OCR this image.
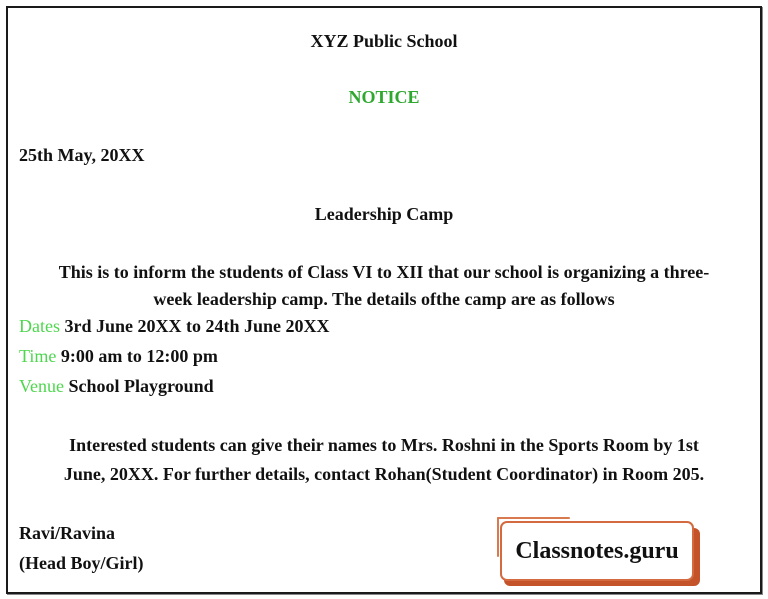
XYZ Public School
NOTICE
25th May, 20XX
Leadership Camp
This is to inform the students of Class VI to XII that our school is organizing a three-
week leadership camp. The details ofthe camp are as follows
Dates 3rd June 20XX to 24th June 20XX
Time 9:00 am to 12:00 pm
Venue School Playground
Interested students can give their names to Mrs. Roshni in the Sports Room by 1st
June, 20XX. For further details, contact Rohan(Student Coordinator) in Room 205.
Ravi/Ravina
(Head Boy/Girl)	Classnotes.guru
